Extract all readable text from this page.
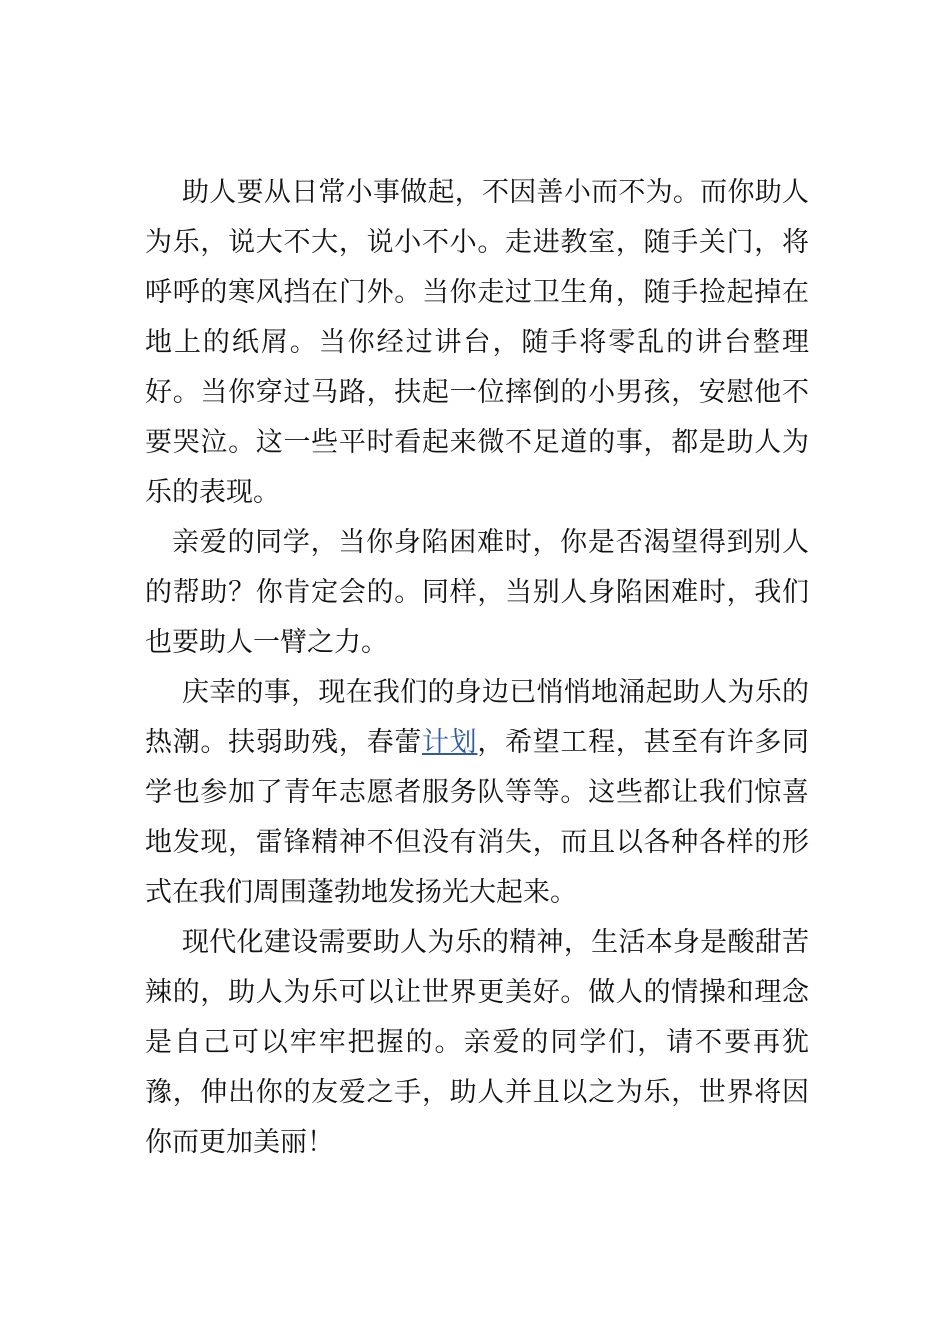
助人要从日常小事做起，不因善小而不为。而你助人为乐，说大不大，说小不小。走进教室，随手关门，将呼呼的寒风挡在门外。当你走过卫生角，随手捡起掉在地上的纸屑。当你经过讲台，随手将零乱的讲台整理好。当你穿过马路，扶起一位摔倒的小男孩，安慰他不要哭泣。这一些平时看起来微不足道的事，都是助人为乐的表现。

亲爱的同学，当你身陷困难时，你是否渴望得到别人的帮助？你肯定会的。同样，当别人身陷困难时，我们也要助人一臂之力。

庆幸的事，现在我们的身边已悄悄地涌起助人为乐的热潮。扶弱助残，春蕾计划，希望工程，甚至有许多同学也参加了青年志愿者服务队等等。这些都让我们惊喜地发现，雷锋精神不但没有消失，而且以各种各样的形式在我们周围蓬勃地发扬光大起来。

现代化建设需要助人为乐的精神，生活本身是酸甜苦辣的，助人为乐可以让世界更美好。做人的情操和理念是自己可以牢牢把握的。亲爱的同学们，请不要再犹豫，伸出你的友爱之手，助人并且以之为乐，世界将因你而更加美丽！
